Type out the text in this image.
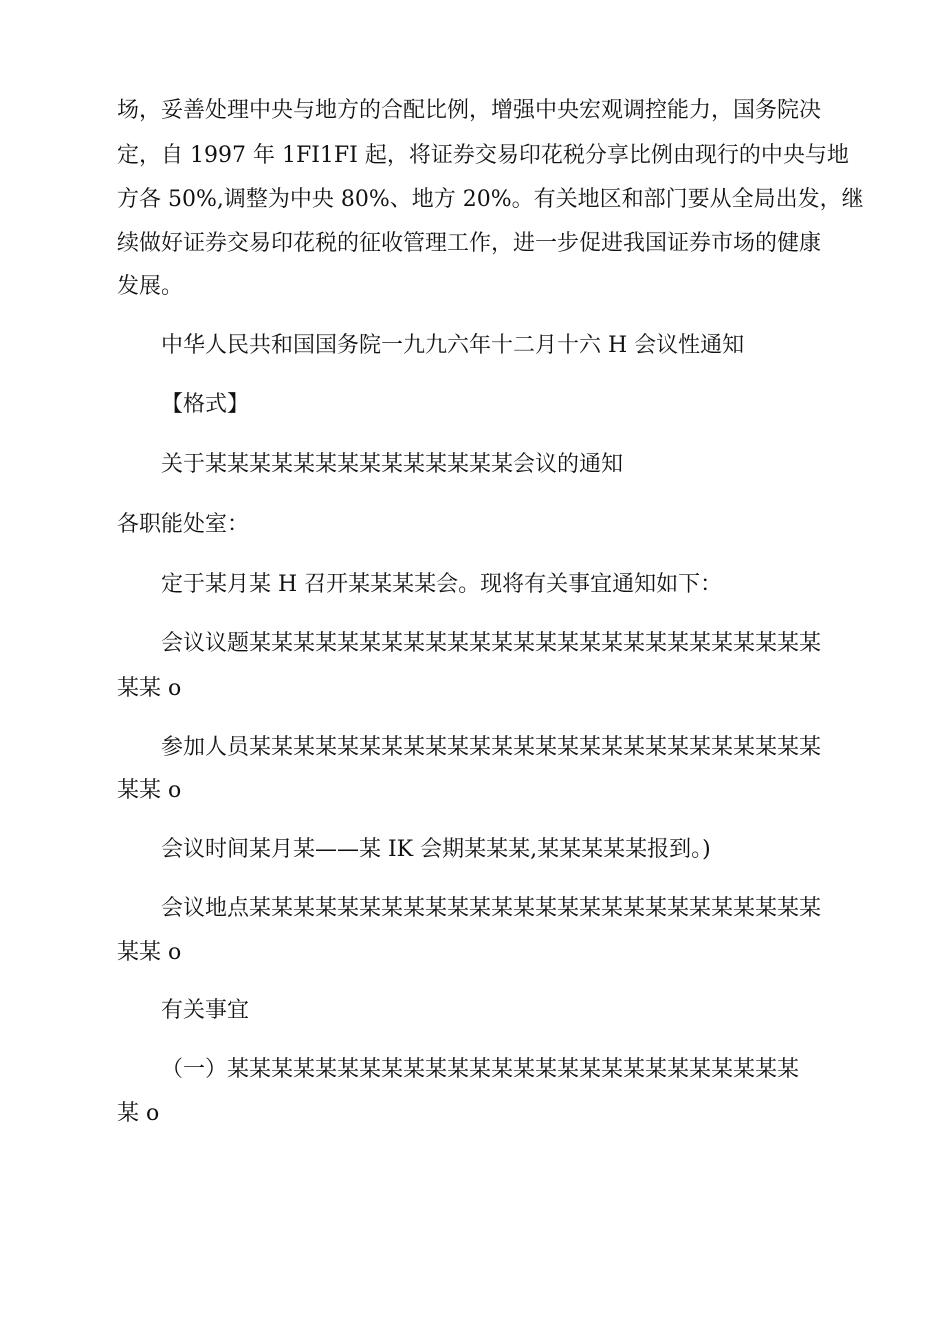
场，妥善处理中央与地方的合配比例，增强中央宏观调控能力，国务院决

定，自 1997 年 1FI1FI 起，将证券交易印花税分享比例由现行的中央与地

方各 50%,调整为中央 80%、地方 20%。有关地区和部门要从全局出发，继

续做好证券交易印花税的征收管理工作，进一步促进我国证券市场的健康

发展。

中华人民共和国国务院一九九六年十二月十六 H 会议性通知

【格式】

关于某某某某某某某某某某某某某某会议的通知

各职能处室：

定于某月某 H 召开某某某某会。现将有关事宜通知如下：

会议议题某某某某某某某某某某某某某某某某某某某某某某某某某某

某某 o

参加人员某某某某某某某某某某某某某某某某某某某某某某某某某某

某某 o

会议时间某月某——某 IK 会期某某某,某某某某某报到。)

会议地点某某某某某某某某某某某某某某某某某某某某某某某某某某

某某 o

有关事宜

（一）某某某某某某某某某某某某某某某某某某某某某某某某某某

某 o
